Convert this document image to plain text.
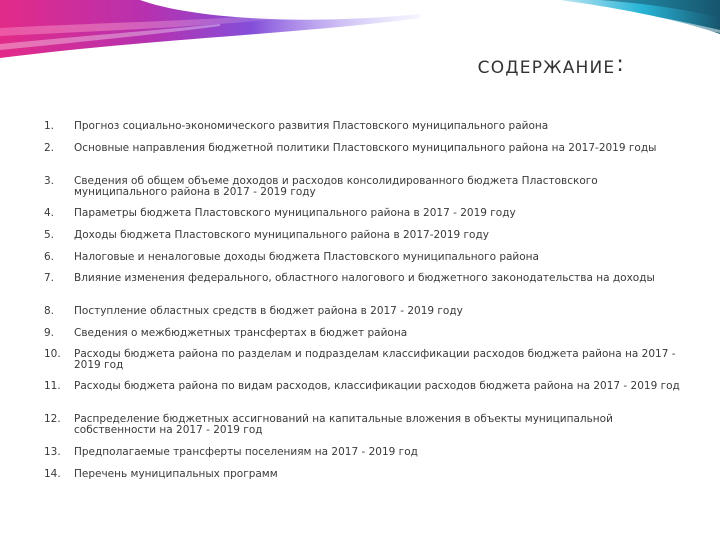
СОДЕРЖАНИЕ:
1.	Прогноз социально-экономического развития Пластовского муниципального района
2.	Основные направления бюджетной политики Пластовского муниципального района на 2017-2019 годы
3.	Сведения об общем объеме доходов и расходов консолидированного бюджета Пластовского муниципального района в 2017 - 2019 году
4.	Параметры бюджета Пластовского муниципального района в 2017 - 2019 году
5.	Доходы бюджета Пластовского муниципального района в 2017-2019 году
6.	Налоговые и неналоговые доходы бюджета Пластовского муниципального района
7.	Влияние изменения федерального, областного налогового и бюджетного законодательства на доходы
8.	Поступление областных средств в бюджет района в 2017 - 2019 году
9.	Сведения о межбюджетных трансфертах в бюджет района
10.	Расходы бюджета района по разделам и подразделам классификации расходов бюджета района на 2017 - 2019 год
11.	Расходы бюджета района по видам расходов, классификации расходов бюджета района на 2017 - 2019 год
12.	Распределение бюджетных ассигнований на капитальные вложения в объекты муниципальной собственности на 2017 - 2019 год
13.	Предполагаемые трансферты поселениям на 2017 - 2019 год
14.	Перечень муниципальных программ
